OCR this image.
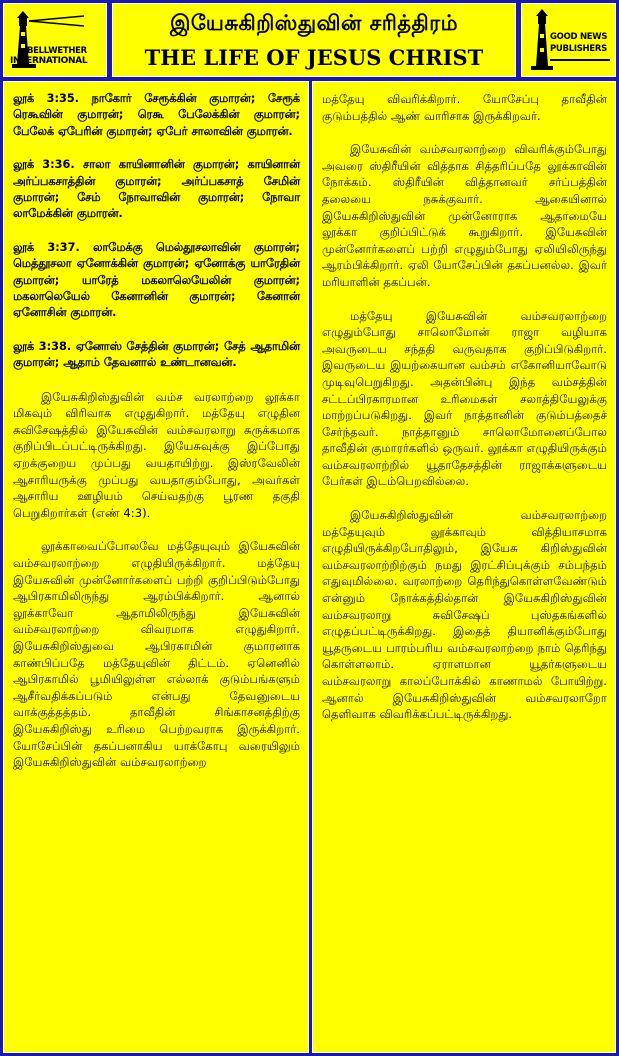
BELLWETHER
INTERNATIONAL
இயேசுகிறிஸ்துவின் சரித்திரம்
THE LIFE OF JESUS CHRIST
GOOD NEWS
PUBLISHERS

லூக் 3:35. நாகோர் சேரூக்கின் குமாரன்; சேரூக் ரெகூவின் குமாரன்; ரெகூ பேலேக்கின் குமாரன்; பேலேக் ஏபேரின் குமாரன்; ஏபேர் சாலாவின் குமாரன்.

லூக் 3:36. சாலா காயினானின் குமாரன்; காயினான் அர்ப்பகசாத்தின் குமாரன்; அர்ப்பகசாத் சேமின் குமாரன்; சேம் நோவாவின் குமாரன்; நோவா லாமேக்கின் குமாரன்.

லூக் 3:37. லாமேக்கு மெல்தூசலாவின் குமாரன்; மெத்தூசலா ஏனோக்கின் குமாரன்; ஏனோக்கு யாரேதின் குமாரன்; யாரேத் மகலாலெயேலின் குமாரன்; மகலாலெயேல் கேனானின் குமாரன்; கேனான் ஏனோசின் குமாரன்.

லூக் 3:38. ஏனோஸ் சேத்தின் குமாரன்; சேத் ஆதாமின் குமாரன்; ஆதாம் தேவனால் உண்டானவன்.

இயேசுகிறிஸ்துவின் வம்ச வரலாற்றை லூக்கா மிகவும் விரிவாக எழுதுகிறார். மத்தேயு எழுதின சுவிசேஷத்தில் இயேசுவின் வம்சவரலாறு சுருக்கமாக குறிப்பிடப்பட்டிருக்கிறது. இயேசுவுக்கு இப்போது ஏறக்குறைய முப்பது வயதாயிற்று. இஸ்ரவேலின் ஆசாரியருக்கு முப்பது வயதாகும்போது, அவர்கள் ஆசாரிய ஊழியம் செய்வதற்கு பூரண தகுதி பெறுகிறார்கள் (எண் 4:3).

லூக்காவைப்போலவே மத்தேயுவும் இயேசுவின் வம்சவரலாற்றை எழுதியிருக்கிறார். மத்தேயு இயேசுவின் முன்னோர்களைப் பற்றி குறிப்பிடும்போது ஆபிரகாமிலிருந்து ஆரம்பிக்கிறார். ஆனால் லூக்காவோ ஆதாமிலிருந்து இயேசுவின் வம்சவரலாற்றை விவரமாக எழுதுகிறார். இயேசுகிறிஸ்துவை ஆபிரகாமின் குமாரனாக காண்பிப்பதே மத்தேயுவின் திட்டம். ஏனெனில் ஆபிரகாமில் பூமியிலுள்ள எல்லாக் குடும்பங்களும் ஆசீர்வதிக்கப்படும் என்பது தேவனுடைய வாக்குத்தத்தம். தாவீதின் சிங்காசனத்திற்கு இயேசுகிறிஸ்து உரிமை பெற்றவராக இருக்கிறார். யோசேப்பின் தகப்பனாகிய யாக்கோபு வரையிலும் இயேசுகிறிஸ்துவின் வம்சவரலாற்றை

மத்தேயு விவரிக்கிறார். யோசேப்பு தாவீதின் குடும்பத்தில் ஆண் வாரிசாக இருக்கிறவர்.

இயேசுவின் வம்சவரலாற்றை விவரிக்கும்போது அவரை ஸ்திரீயின் வித்தாக சித்தரிப்பதே லூக்காவின் நோக்கம். ஸ்திரீயின் வித்தானவர் சர்ப்பத்தின் தலையை நசுக்குவார். ஆகையினால் இயேசுகிறிஸ்துவின் முன்னோராக ஆதாமையே லூக்கா குறிப்பிட்டுக் கூறுகிறார். இயேசுவின் முன்னோர்களைப் பற்றி எழுதும்போது ஏலியிலிருந்து ஆரம்பிக்கிறார். ஏலி யோசேப்பின் தகப்பனல்ல. இவர் மரியாளின் தகப்பன்.

மத்தேயு இயேசுவின் வம்சவரலாற்றை எழுதும்போது சாலொமோன் ராஜா வழியாக அவருடைய சந்ததி வருவதாக குறிப்பிடுகிறார். இவருடைய இயற்கையான வம்சம் எகோனியாவோடு முடிவுபெறுகிறது. அதன்பின்பு இந்த வம்சத்தின் சட்டப்பிரகாரமான உரிமைகள் சலாத்தியேலுக்கு மாற்றப்படுகிறது. இவர் நாத்தானின் குடும்பத்தைச் சேர்ந்தவர். நாத்தானும் சாலொமோனைப்போல தாவீதின் குமாரர்களில் ஒருவர். லூக்கா எழுதியிருக்கும் வம்சவரலாற்றில் யூதாதேசத்தின் ராஜாக்களுடைய பேர்கள் இடம்பெறவில்லை.

இயேசுகிறிஸ்துவின் வம்சவரலாற்றை மத்தேயுவும் லூக்காவும் வித்தியாசமாக எழுதியிருக்கிறபோதிலும், இயேசு கிறிஸ்துவின் வம்சவரலாற்றிற்கும் நமது இரட்சிப்புக்கும் சம்பந்தம் எதுவுமில்லை. வரலாற்றை தெரிந்துகொள்ளவேண்டும் என்னும் நோக்கத்தில்தான் இயேசுகிறிஸ்துவின் வம்சவரலாறு சுவிசேஷப் புஸ்தகங்களில் எழுதப்பட்டிருக்கிறது. இதைத் தியானிக்கும்போது யூதருடைய பாரம்பரிய வம்சவரலாற்றை நாம் தெரிந்து கொள்ளலாம். ஏராளமான யூதர்களுடைய வம்சவரலாறு காலப்போக்கில் காணாமல் போயிற்று. ஆனால் இயேசுகிறிஸ்துவின் வம்சவரலாறோ தெளிவாக விவரிக்கப்பட்டிருக்கிறது.
